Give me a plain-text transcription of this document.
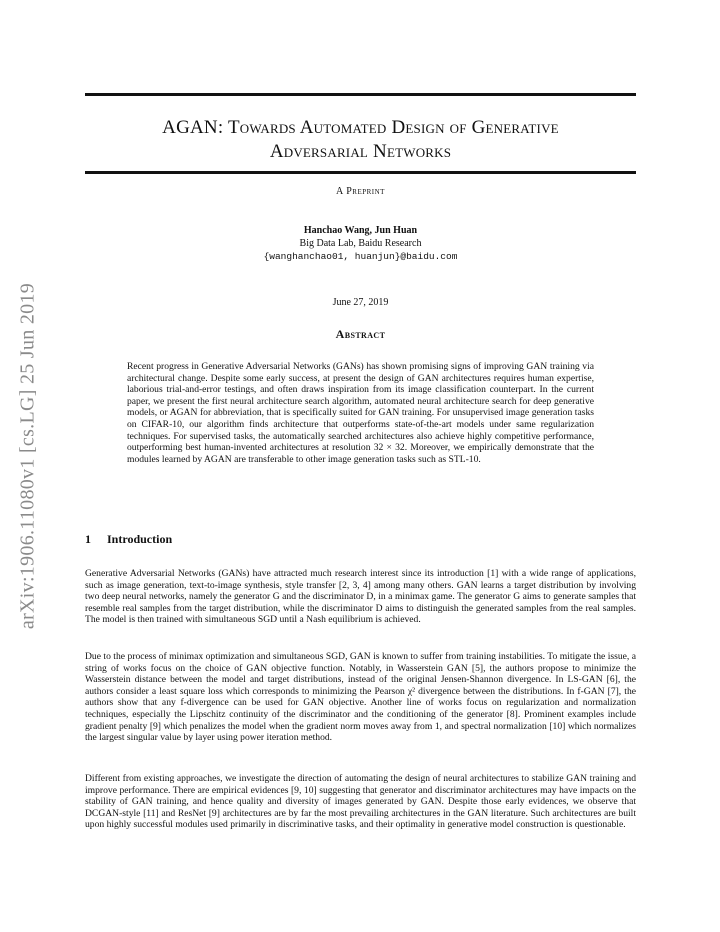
arXiv:1906.11080v1 [cs.LG] 25 Jun 2019
AGAN: Towards Automated Design of Generative
Adversarial Networks
A Preprint
Hanchao Wang, Jun Huan
Big Data Lab, Baidu Research
{wanghanchao01, huanjun}@baidu.com
June 27, 2019
Abstract
Recent progress in Generative Adversarial Networks (GANs) has shown promising signs of improving GAN training via architectural change. Despite some early success, at present the design of GAN architectures requires human expertise, laborious trial-and-error testings, and often draws inspiration from its image classification counterpart. In the current paper, we present the first neural architecture search algorithm, automated neural architecture search for deep generative models, or AGAN for abbreviation, that is specifically suited for GAN training. For unsupervised image generation tasks on CIFAR-10, our algorithm finds architecture that outperforms state-of-the-art models under same regularization techniques. For supervised tasks, the automatically searched architectures also achieve highly competitive performance, outperforming best human-invented architectures at resolution 32 × 32. Moreover, we empirically demonstrate that the modules learned by AGAN are transferable to other image generation tasks such as STL-10.
1 Introduction

Generative Adversarial Networks (GANs) have attracted much research interest since its introduction [1] with a wide range of applications, such as image generation, text-to-image synthesis, style transfer [2, 3, 4] among many others. GAN learns a target distribution by involving two deep neural networks, namely the generator G and the discriminator D, in a minimax game. The generator G aims to generate samples that resemble real samples from the target distribution, while the discriminator D aims to distinguish the generated samples from the real samples. The model is then trained with simultaneous SGD until a Nash equilibrium is achieved.

Due to the process of minimax optimization and simultaneous SGD, GAN is known to suffer from training instabilities. To mitigate the issue, a string of works focus on the choice of GAN objective function. Notably, in Wasserstein GAN [5], the authors propose to minimize the Wasserstein distance between the model and target distributions, instead of the original Jensen-Shannon divergence. In LS-GAN [6], the authors consider a least square loss which corresponds to minimizing the Pearson χ² divergence between the distributions. In f-GAN [7], the authors show that any f-divergence can be used for GAN objective. Another line of works focus on regularization and normalization techniques, especially the Lipschitz continuity of the discriminator and the conditioning of the generator [8]. Prominent examples include gradient penalty [9] which penalizes the model when the gradient norm moves away from 1, and spectral normalization [10] which normalizes the largest singular value by layer using power iteration method.

Different from existing approaches, we investigate the direction of automating the design of neural architectures to stabilize GAN training and improve performance. There are empirical evidences [9, 10] suggesting that generator and discriminator architectures may have impacts on the stability of GAN training, and hence quality and diversity of images generated by GAN. Despite those early evidences, we observe that DCGAN-style [11] and ResNet [9] architectures are by far the most prevailing architectures in the GAN literature. Such architectures are built upon highly successful modules used primarily in discriminative tasks, and their optimality in generative model construction is questionable.
